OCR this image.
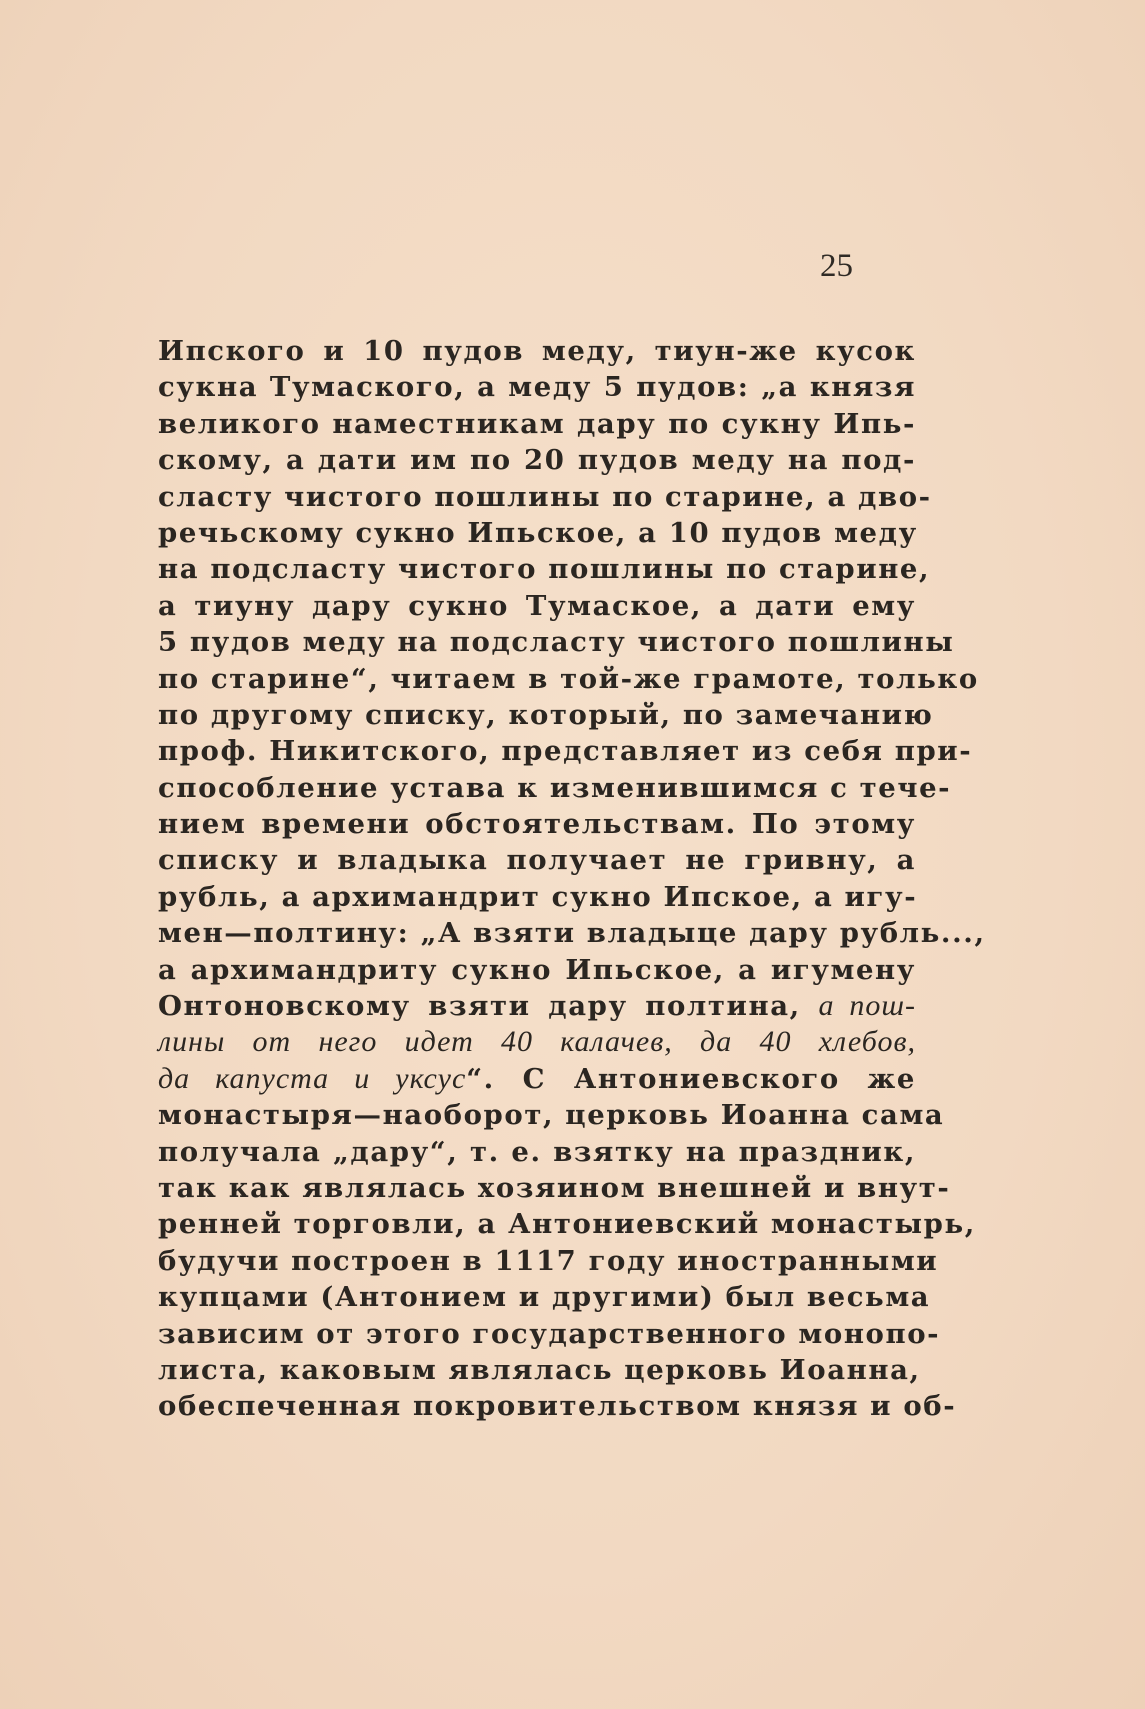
25
Ипского и 10 пудов меду, тиун-же кусок
сукна Тумаского, а меду 5 пудов: „а князя
великого наместникам дару по сукну Ипь-
скому, а дати им по 20 пудов меду на под-
сласту чистого пошлины по старине, а дво-
речьскому сукно Ипьское, а 10 пудов меду
на подсласту чистого пошлины по старине,
а тиуну дару сукно Тумаское, а дати ему
5 пудов меду на подсласту чистого пошлины
по старине“, читаем в той-же грамоте, только
по другому списку, который, по замечанию
проф. Никитского, представляет из себя при-
способление устава к изменившимся с тече-
нием времени обстоятельствам. По этому
списку и владыка получает не гривну, а
рубль, а архимандрит сукно Ипское, а игу-
мен—полтину: „А взяти владыце дару рубль...,
а архимандриту сукно Ипьское, а игумену
Онтоновскому взяти дару полтина, а пош-
лины от него идет 40 калачев, да 40 хлебов,
да капуста и уксус“. С Антониевского же
монастыря—наоборот, церковь Иоанна сама
получала „дару“, т. е. взятку на праздник,
так как являлась хозяином внешней и внут-
ренней торговли, а Антониевский монастырь,
будучи построен в 1117 году иностранными
купцами (Антонием и другими) был весьма
зависим от этого государственного монопо-
листа, каковым являлась церковь Иоанна,
обеспеченная покровительством князя и об-
